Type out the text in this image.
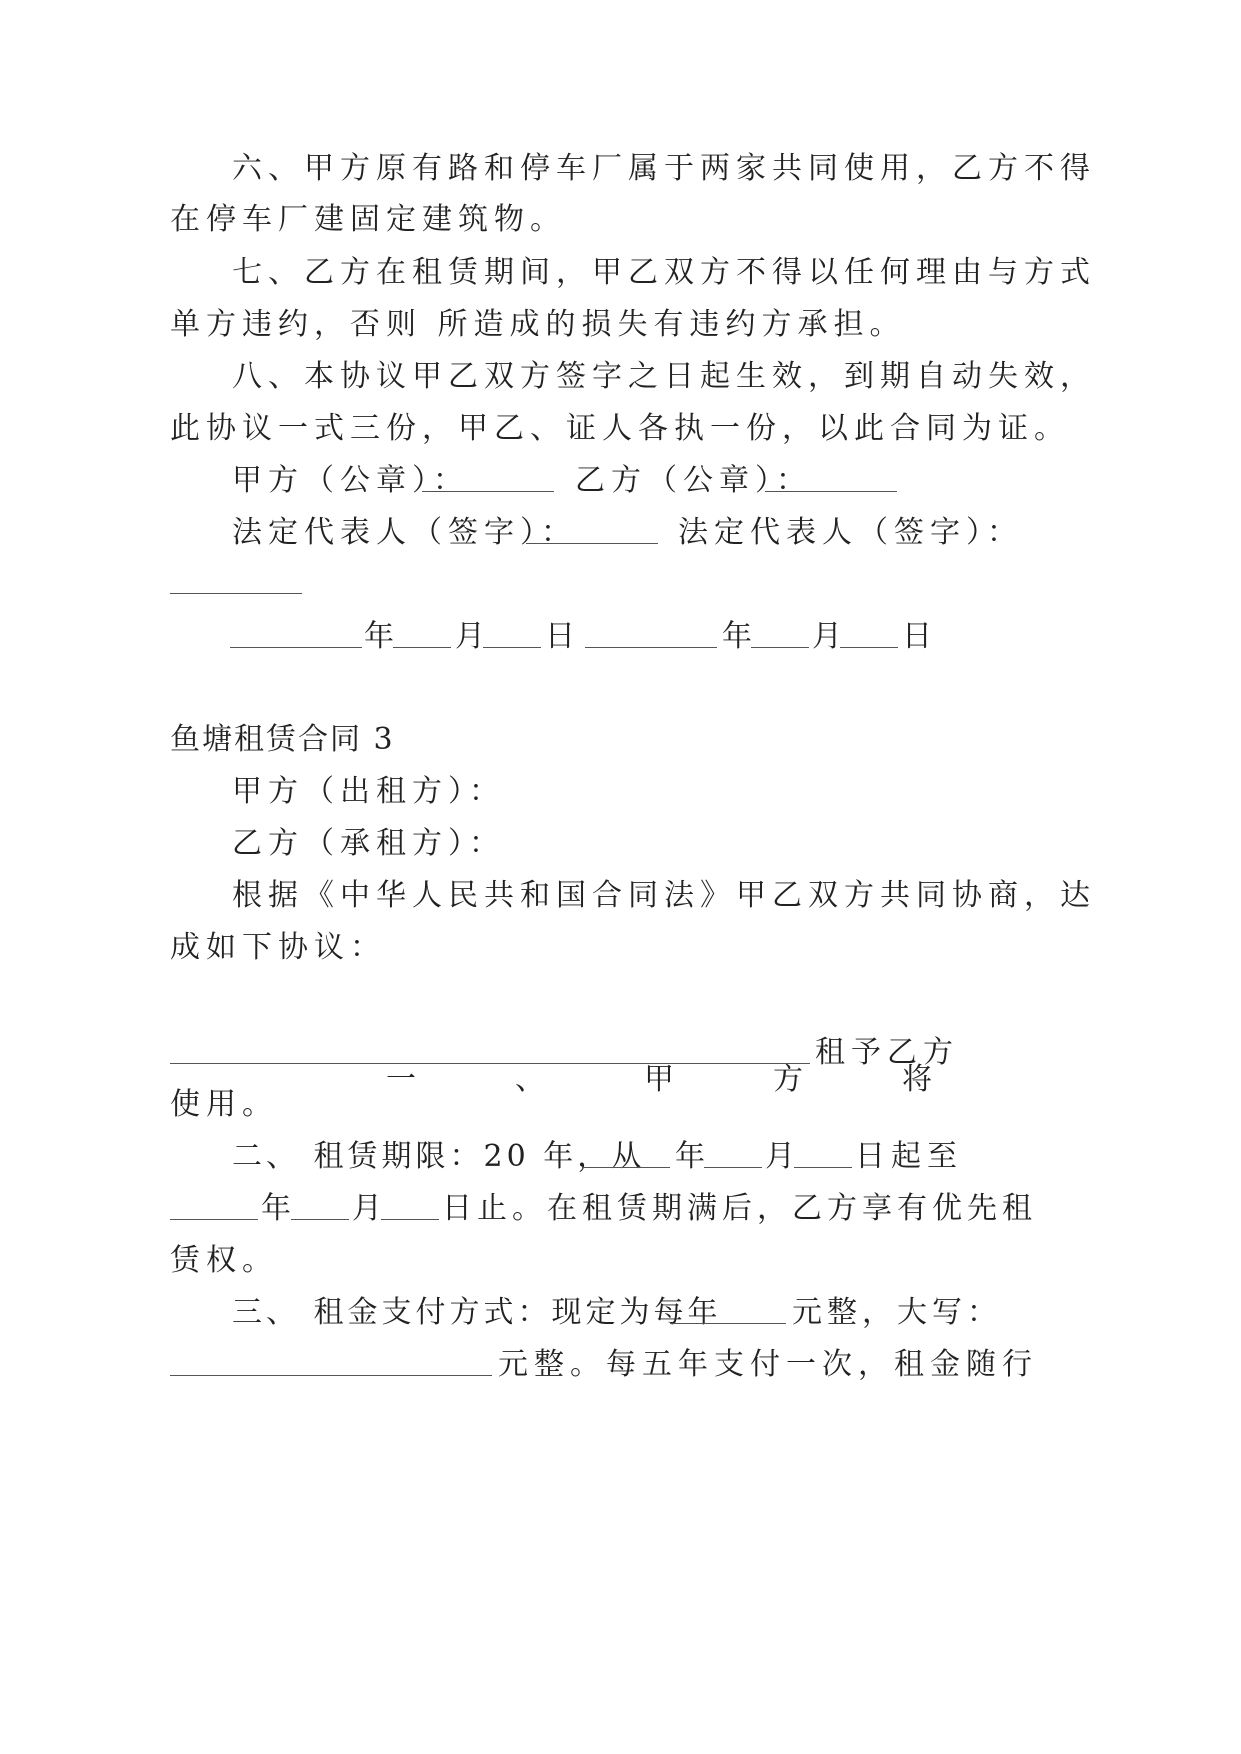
六、甲方原有路和停车厂属于两家共同使用，乙方不得

在停车厂建固定建筑物。

七、乙方在租赁期间，甲乙双方不得以任何理由与方式

单方违约，否则 所造成的损失有违约方承担。

八、本协议甲乙双方签字之日起生效，到期自动失效，

此协议一式三份，甲乙、证人各执一份，以此合同为证。

甲方（公章）：

	乙方（公章）：

法定代表人（签字）：

	法定代表人（签字）：

年

月

日

	年

月

日

鱼塘租赁合同 3

甲方（出租方）：

乙方（承租方）：

根据《中华人民共和国合同法》甲乙双方共同协商，达

成如下协议：

一	、	甲	方	将

租予乙方

使用。

二、 租赁期限：20 年，从

年

月

日起至

年

月

日止。在租赁期满后，乙方享有优先租

赁权。

三、 租金支付方式：现定为每年

元整，大写：

元整。每五年支付一次，租金随行
